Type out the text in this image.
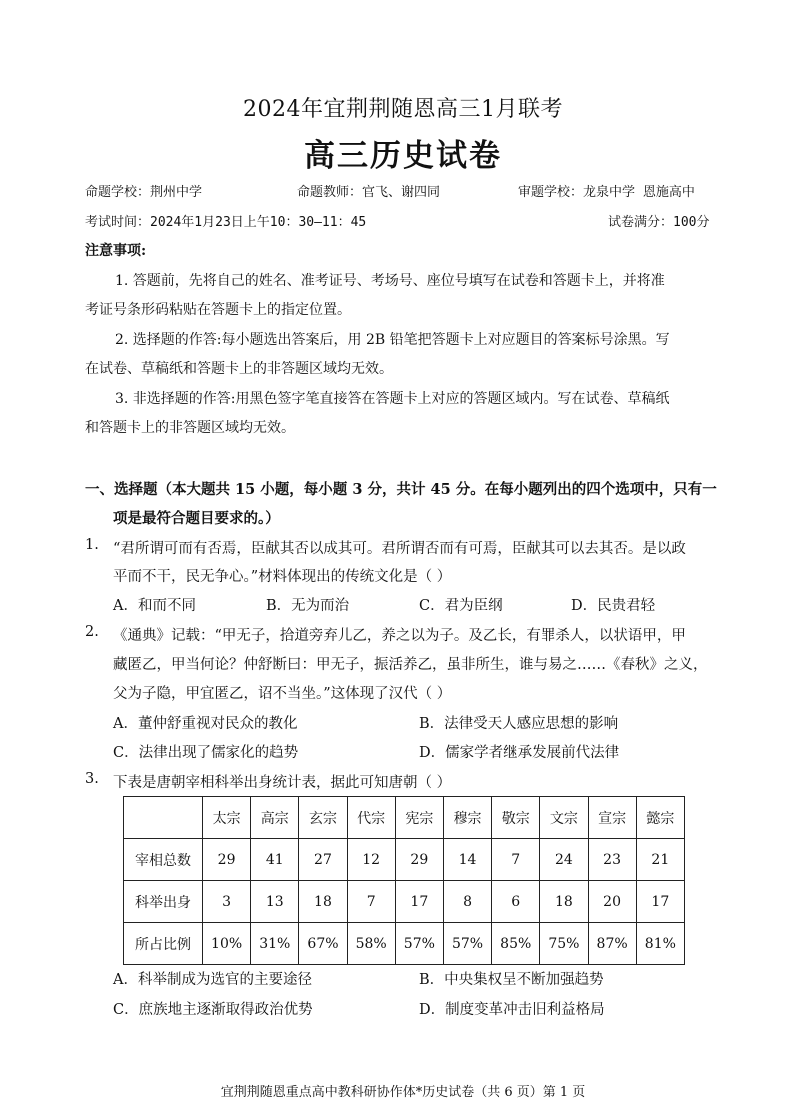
2024年宜荆荆随恩高三1月联考
高三历史试卷
命题学校：荆州中学	命题教师：官飞、谢四同	审题学校：龙泉中学 恩施高中
考试时间：2024年1月23日上午10：30—11：45	试卷满分：100分
注意事项:
1. 答题前，先将自己的姓名、准考证号、考场号、座位号填写在试卷和答题卡上，并将准
考证号条形码粘贴在答题卡上的指定位置。
2. 选择题的作答:每小题选出答案后，用 2B 铅笔把答题卡上对应题目的答案标号涂黑。写
在试卷、草稿纸和答题卡上的非答题区域均无效。
3. 非选择题的作答:用黑色签字笔直接答在答题卡上对应的答题区域内。写在试卷、草稿纸
和答题卡上的非答题区域均无效。
一、选择题（本大题共 15 小题，每小题 3 分，共计 45 分。在每小题列出的四个选项中，只有一
项是最符合题目要求的。）
1. “君所谓可而有否焉，臣献其否以成其可。君所谓否而有可焉，臣献其可以去其否。是以政
平而不干，民无争心。”材料体现出的传统文化是（ ）
A．和而不同	B．无为而治	C．君为臣纲	D．民贵君轻
2. 《通典》记载：“甲无子，拾道旁弃儿乙，养之以为子。及乙长，有罪杀人，以状语甲，甲
藏匿乙，甲当何论？仲舒断曰：甲无子，振活养乙，虽非所生，谁与易之……《春秋》之义，
父为子隐，甲宜匿乙，诏不当坐。”这体现了汉代（ ）
A．董仲舒重视对民众的教化	B．法律受天人感应思想的影响
C．法律出现了儒家化的趋势	D．儒家学者继承发展前代法律
3. 下表是唐朝宰相科举出身统计表，据此可知唐朝（ ）
	太宗	高宗	玄宗	代宗	宪宗	穆宗	敬宗	文宗	宣宗	懿宗
宰相总数	29	41	27	12	29	14	7	24	23	21
科举出身	3	13	18	7	17	8	6	18	20	17
所占比例	10%	31%	67%	58%	57%	57%	85%	75%	87%	81%
A．科举制成为选官的主要途径	B．中央集权呈不断加强趋势
C．庶族地主逐渐取得政治优势	D．制度变革冲击旧利益格局
宜荆荆随恩重点高中教科研协作体*历史试卷（共 6 页）第 1 页
